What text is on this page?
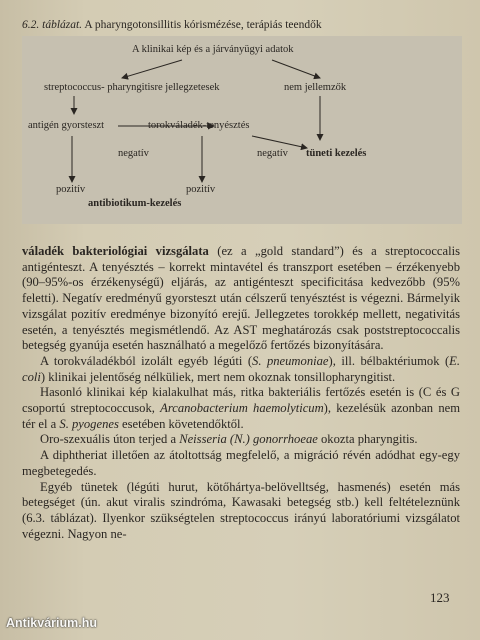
6.2. táblázat. A pharyngotonsillitis kórismézése, terápiás teendők
A klinikai kép és a járványügyi adatok
streptococcus- pharyngitisre jellegzetesek	nem jellemzők
antigén gyorsteszt	torokváladék-tenyésztés
negatív	negatív tüneti kezelés
pozitív	pozitív
antibiotikum-kezelés

váladék bakteriológiai vizsgálata (ez a „gold standard”) és a streptococcalis antigénteszt. A tenyésztés – korrekt mintavétel és transzport esetében – érzékenyebb (90–95%-os érzékenységű) eljárás, az antigénteszt specificitása kedvezőbb (95% feletti). Negatív eredményű gyorsteszt után célszerű tenyésztést is végezni. Bármelyik vizsgálat pozitív eredménye bizonyító erejű. Jellegzetes torokkép mellett, negativitás esetén, a tenyésztés megismétlendő. Az AST meghatározás csak poststreptococcalis betegség gyanúja esetén használható a megelőző fertőzés bizonyítására.

A torokváladékból izolált egyéb légúti (S. pneumoniae), ill. bélbaktériumok (E. coli) klinikai jelentőség nélküliek, mert nem okoznak tonsillopharyngitist.

Hasonló klinikai kép kialakulhat más, ritka bakteriális fertőzés esetén is (C és G csoportú streptococcusok, Arcanobacterium haemolyticum), kezelésük azonban nem tér el a S. pyogenes esetében követendőktől.

Oro-szexuális úton terjed a Neisseria (N.) gonorrhoeae okozta pharyngitis.

A diphtheriat illetően az átoltottság megfelelő, a migráció révén adódhat egy-egy megbetegedés.

Egyéb tünetek (légúti hurut, kötőhártya-belövelltség, hasmenés) esetén más betegséget (ún. akut viralis szindróma, Kawasaki betegség stb.) kell feltételeznünk (6.3. táblázat). Ilyenkor szükségtelen streptococcus irányú laboratóriumi vizsgálatot végezni. Nagyon ne-

123
Antikvárium.hu
